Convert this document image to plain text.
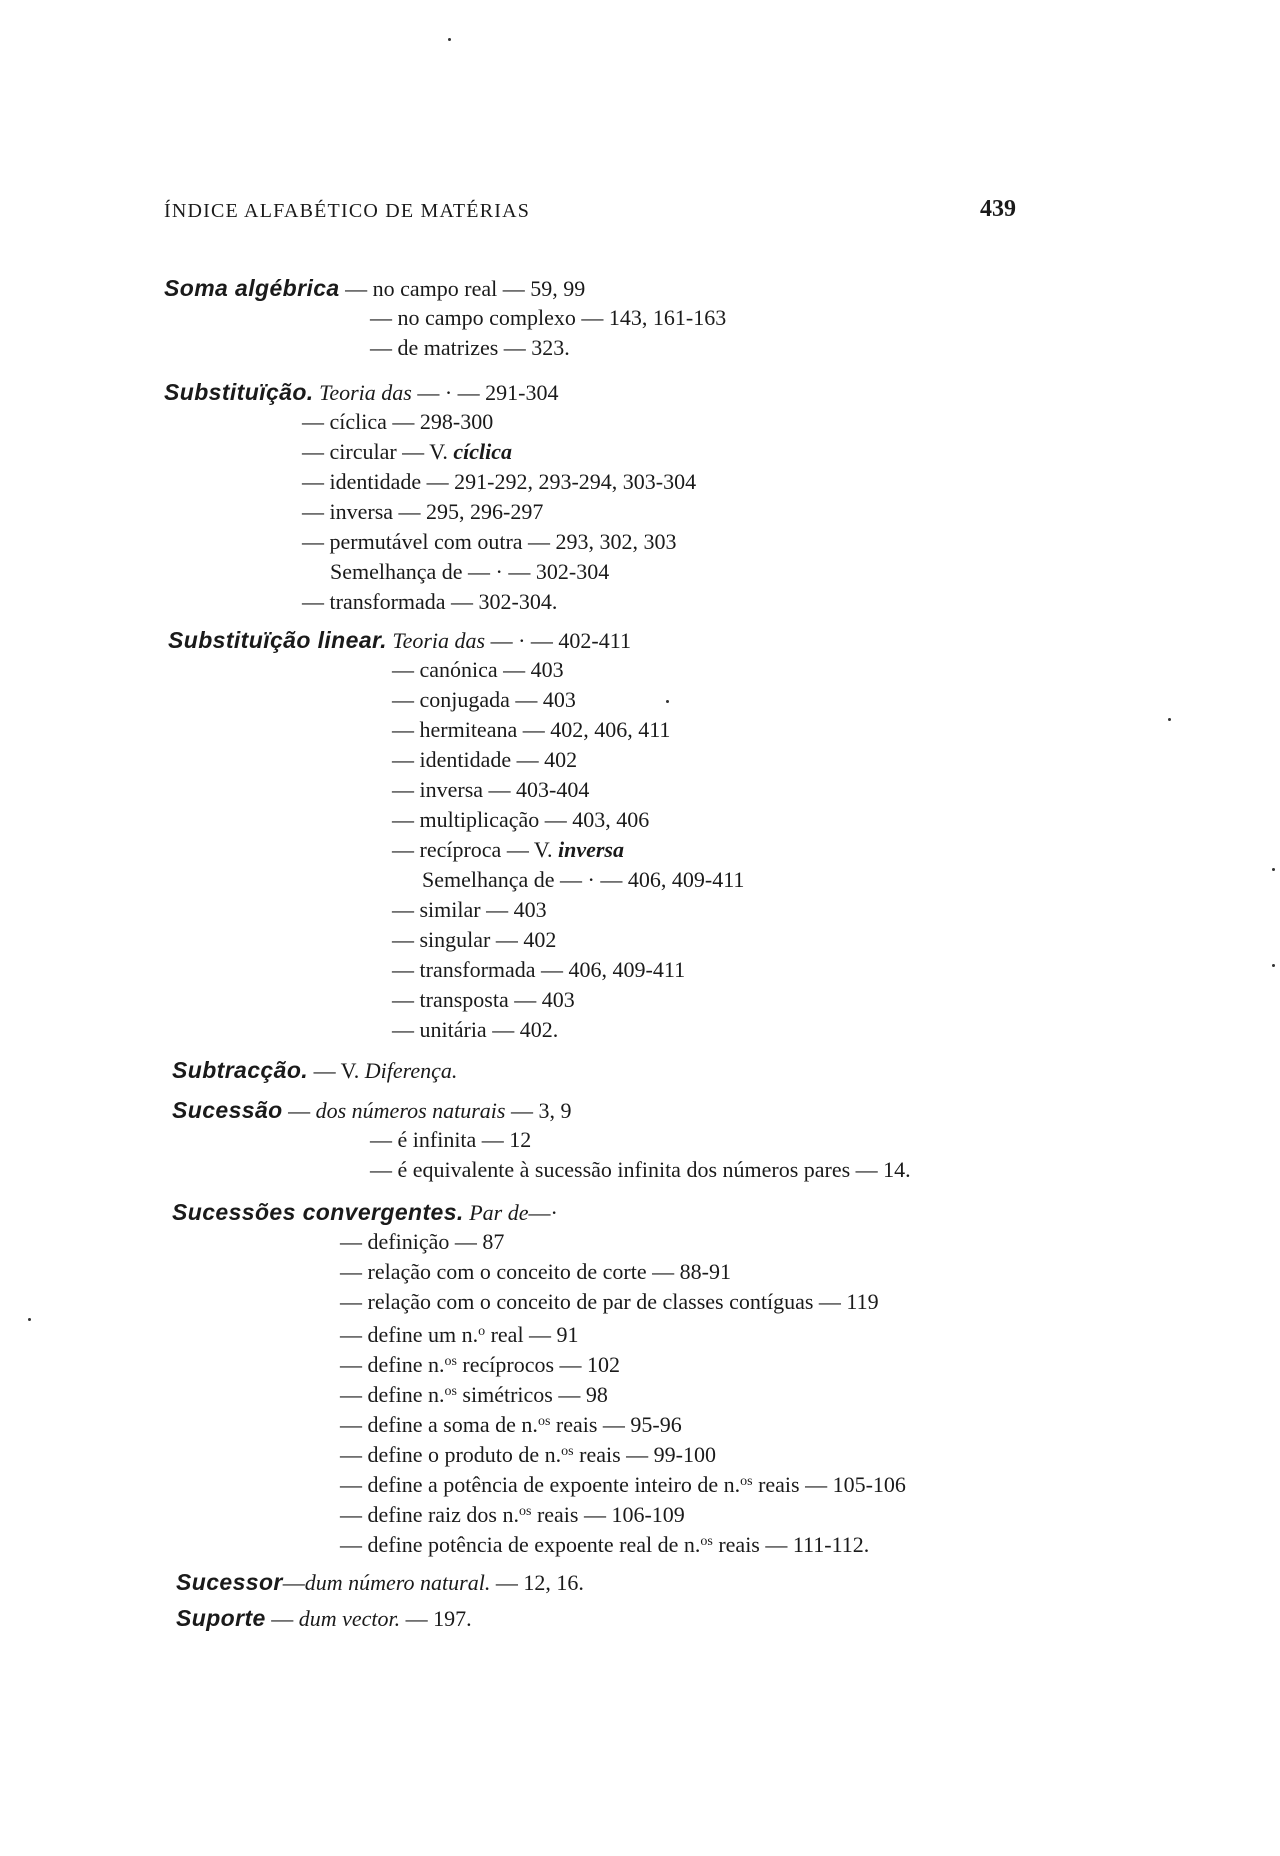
ÍNDICE ALFABÉTICO DE MATÉRIAS	439
Soma algébrica — no campo real — 59, 99
— no campo complexo — 143, 161-163
— de matrizes — 323.
Substituïção. Teoria das — · — 291-304
— cíclica — 298-300
— circular — V. cíclica
— identidade — 291-292, 293-294, 303-304
— inversa — 295, 296-297
— permutável com outra — 293, 302, 303
Semelhança de — · — 302-304
— transformada — 302-304.
Substituïção linear. Teoria das — · — 402-411
— canónica — 403
— conjugada — 403
— hermiteana — 402, 406, 411
— identidade — 402
— inversa — 403-404
— multiplicação — 403, 406
— recíproca — V. inversa
Semelhança de — · — 406, 409-411
— similar — 403
— singular — 402
— transformada — 406, 409-411
— transposta — 403
— unitária — 402.
Subtracção. — V. Diferença.
Sucessão — dos números naturais — 3, 9
— é infinita — 12
— é equivalente à sucessão infinita dos números pares — 14.
Sucessões convergentes. Par de—·
— definição — 87
— relação com o conceito de corte — 88-91
— relação com o conceito de par de classes contíguas — 119
— define um n.$^o$ real — 91
— define n.$^{os}$ recíprocos — 102
— define n.$^{os}$ simétricos — 98
— define a soma de n.$^{os}$ reais — 95-96
— define o produto de n.$^{os}$ reais — 99-100
— define a potência de expoente inteiro de n.$^{os}$ reais — 105-106
— define raiz dos n.$^{os}$ reais — 106-109
— define potência de expoente real de n.$^{os}$ reais — 111-112.
Sucessor—dum número natural. — 12, 16.
Suporte — dum vector. — 197.
